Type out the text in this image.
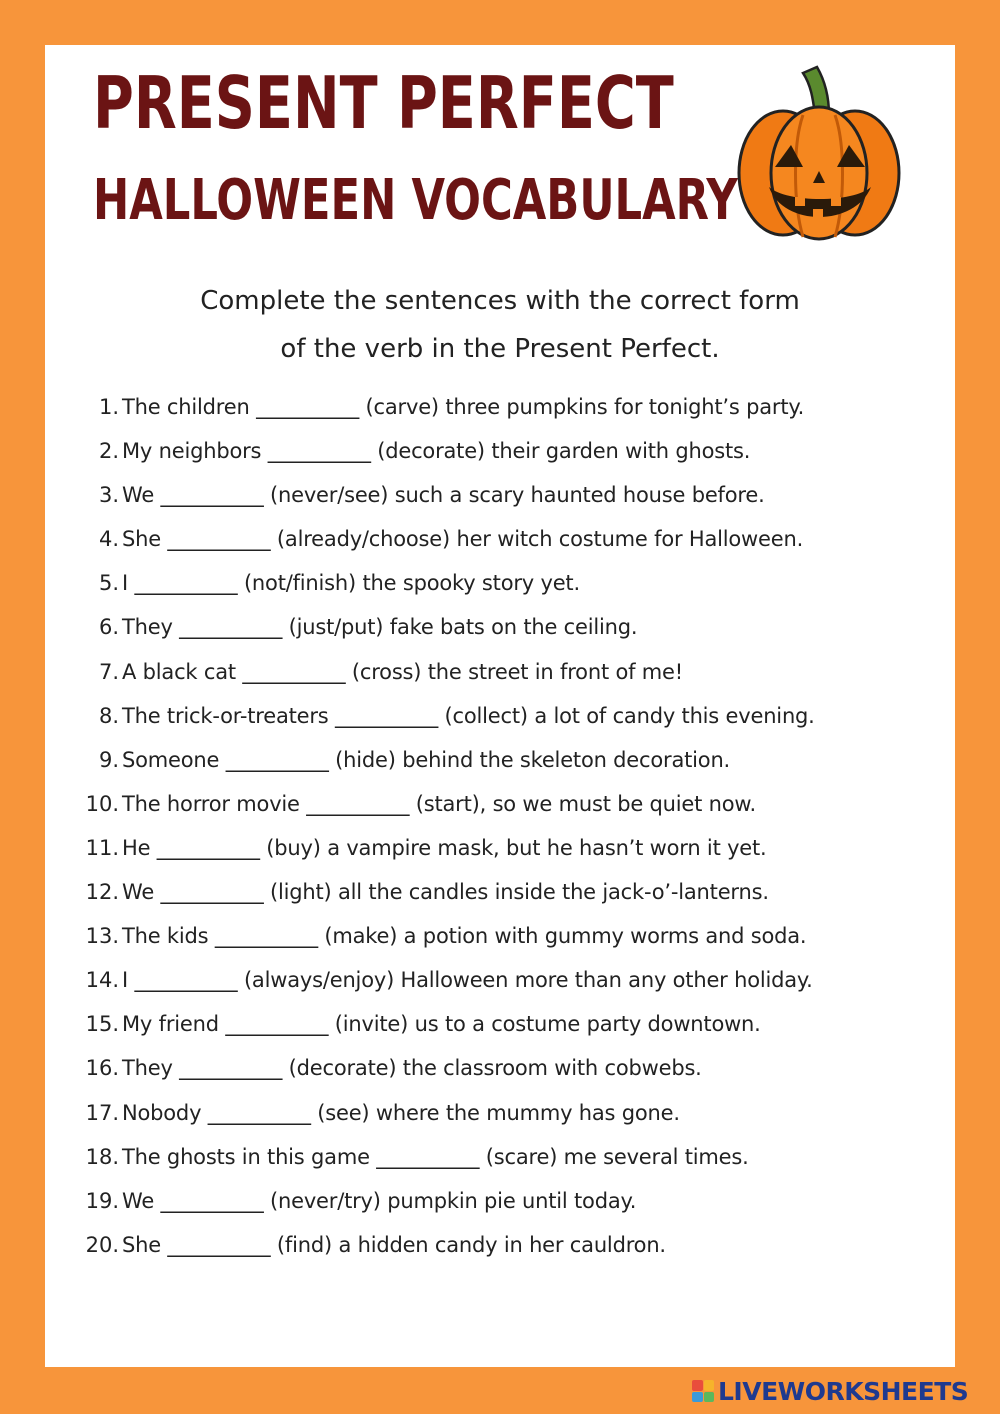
PRESENT PERFECT
HALLOWEEN VOCABULARY
Complete the sentences with the correct form
of the verb in the Present Perfect.
1. The children __________ (carve) three pumpkins for tonight’s party.
2. My neighbors __________ (decorate) their garden with ghosts.
3. We __________ (never/see) such a scary haunted house before.
4. She __________ (already/choose) her witch costume for Halloween.
5. I __________ (not/finish) the spooky story yet.
6. They __________ (just/put) fake bats on the ceiling.
7. A black cat __________ (cross) the street in front of me!
8. The trick-or-treaters __________ (collect) a lot of candy this evening.
9. Someone __________ (hide) behind the skeleton decoration.
10. The horror movie __________ (start), so we must be quiet now.
11. He __________ (buy) a vampire mask, but he hasn’t worn it yet.
12. We __________ (light) all the candles inside the jack-o’-lanterns.
13. The kids __________ (make) a potion with gummy worms and soda.
14. I __________ (always/enjoy) Halloween more than any other holiday.
15. My friend __________ (invite) us to a costume party downtown.
16. They __________ (decorate) the classroom with cobwebs.
17. Nobody __________ (see) where the mummy has gone.
18. The ghosts in this game __________ (scare) me several times.
19. We __________ (never/try) pumpkin pie until today.
20. She __________ (find) a hidden candy in her cauldron.
LIVEWORKSHEETS
